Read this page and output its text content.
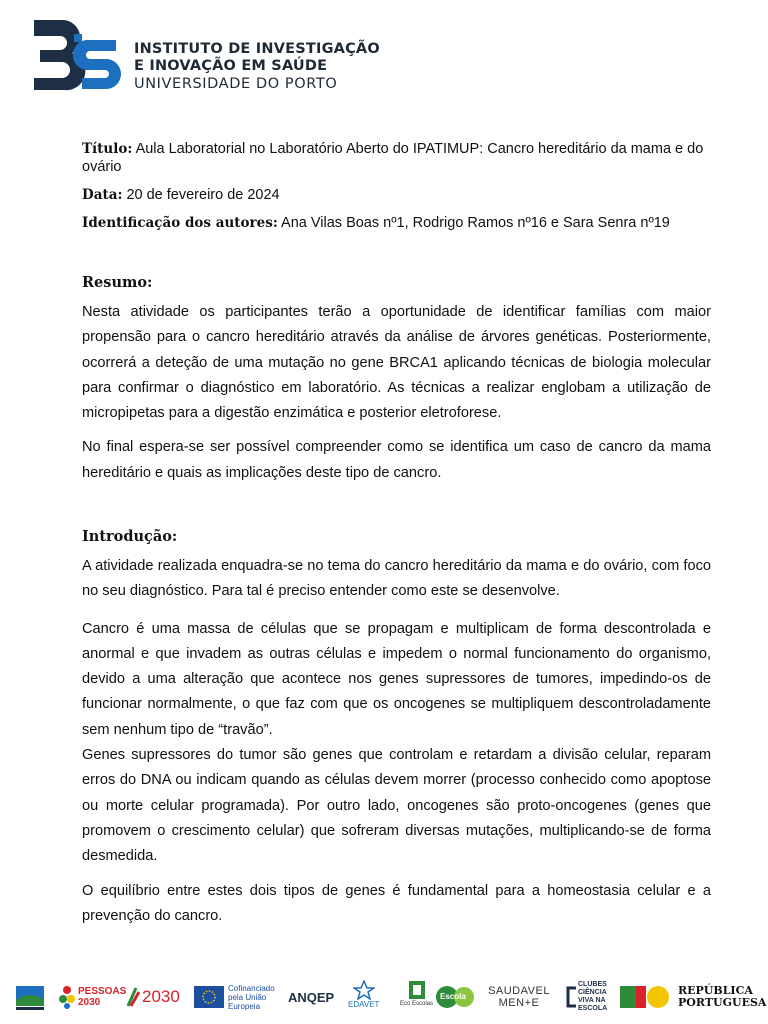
INSTITUTO DE INVESTIGAÇÃO
E INOVAÇÃO EM SAÚDE
UNIVERSIDADE DO PORTO

Título: Aula Laboratorial no Laboratório Aberto do IPATIMUP: Cancro hereditário da mama e do ovário

Data: 20 de fevereiro de 2024

Identificação dos autores: Ana Vilas Boas nº1, Rodrigo Ramos nº16 e Sara Senra nº19

Resumo:

Nesta atividade os participantes terão a oportunidade de identificar famílias com maior propensão para o cancro hereditário através da análise de árvores genéticas. Posteriormente, ocorrerá a deteção de uma mutação no gene BRCA1 aplicando técnicas de biologia molecular para confirmar o diagnóstico em laboratório. As técnicas a realizar englobam a utilização de micropipetas para a digestão enzimática e posterior eletroforese.

No final espera-se ser possível compreender como se identifica um caso de cancro da mama hereditário e quais as implicações deste tipo de cancro.

Introdução:

A atividade realizada enquadra-se no tema do cancro hereditário da mama e do ovário, com foco no seu diagnóstico. Para tal é preciso entender como este se desenvolve.

Cancro é uma massa de células que se propagam e multiplicam de forma descontrolada e anormal e que invadem as outras células e impedem o normal funcionamento do organismo, devido a uma alteração que acontece nos genes supressores de tumores, impedindo-os de funcionar normalmente, o que faz com que os oncogenes se multipliquem descontroladamente sem nenhum tipo de “travão”.

Genes supressores do tumor são genes que controlam e retardam a divisão celular, reparam erros do DNA ou indicam quando as células devem morrer (processo conhecido como apoptose ou morte celular programada). Por outro lado, oncogenes são proto-oncogenes (genes que promovem o crescimento celular) que sofreram diversas mutações, multiplicando-se de forma desmedida.

O equilíbrio entre estes dois tipos de genes é fundamental para a homeostasia celular e a prevenção do cancro.

PESSOAS 2030	2030	Cofinanciado pela União Europeia
ANQEP EDAVET	Eco Escolas
Escola SAUDAVEL MEN+E
CLUBES CIÊNCIA VIVA NA ESCOLA
REPÚBLICA PORTUGUESA
